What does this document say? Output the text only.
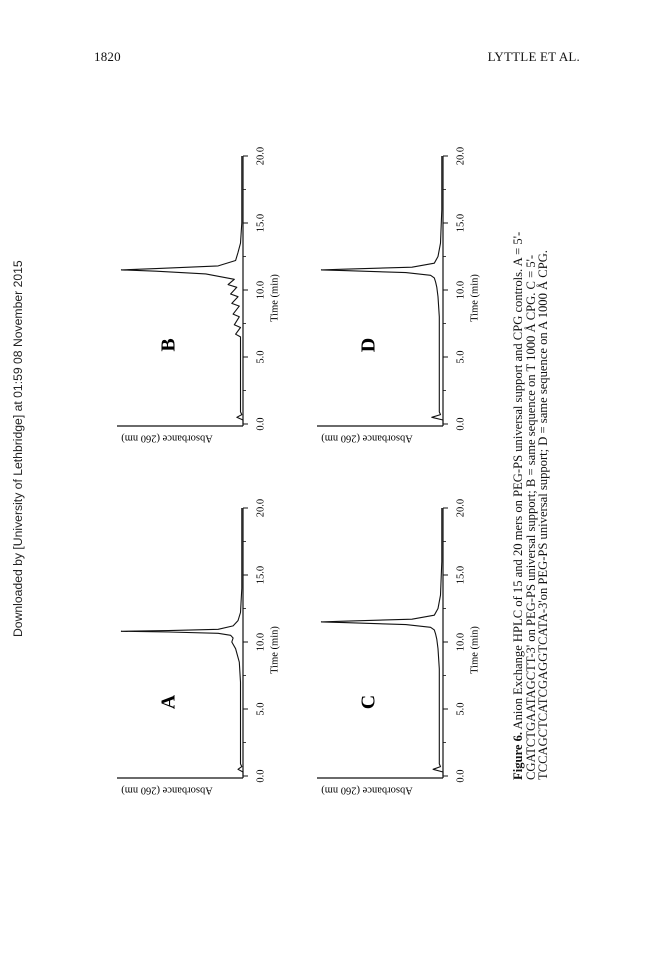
1820	LYTTLE ET AL.
Downloaded by [University of Lethbridge] at 01:59 08 November 2015
0.0
5.0
10.0
15.0
20.0
Time (min)
Absorbance (260 nm)
A
0.0
5.0
10.0
15.0
20.0
Time (min)
Absorbance (260 nm)
B
0.0
5.0
10.0
15.0
20.0
Time (min)
Absorbance (260 nm)
C
0.0
5.0
10.0
15.0
20.0
Time (min)
Absorbance (260 nm)
D
Figure 6. Anion Exchange HPLC of 15 and 20 mers on PEG-PS universal support and CPG controls. A = 5'-CGATCTGAATAGCTT-3' on PEG-PS universal support; B = same sequence on T 1000 Å CPG. C = 5'-TCCAGCTCATCGAGGTCATA-3'on PEG-PS universal support; D = same sequence on A 1000 Å CPG.
